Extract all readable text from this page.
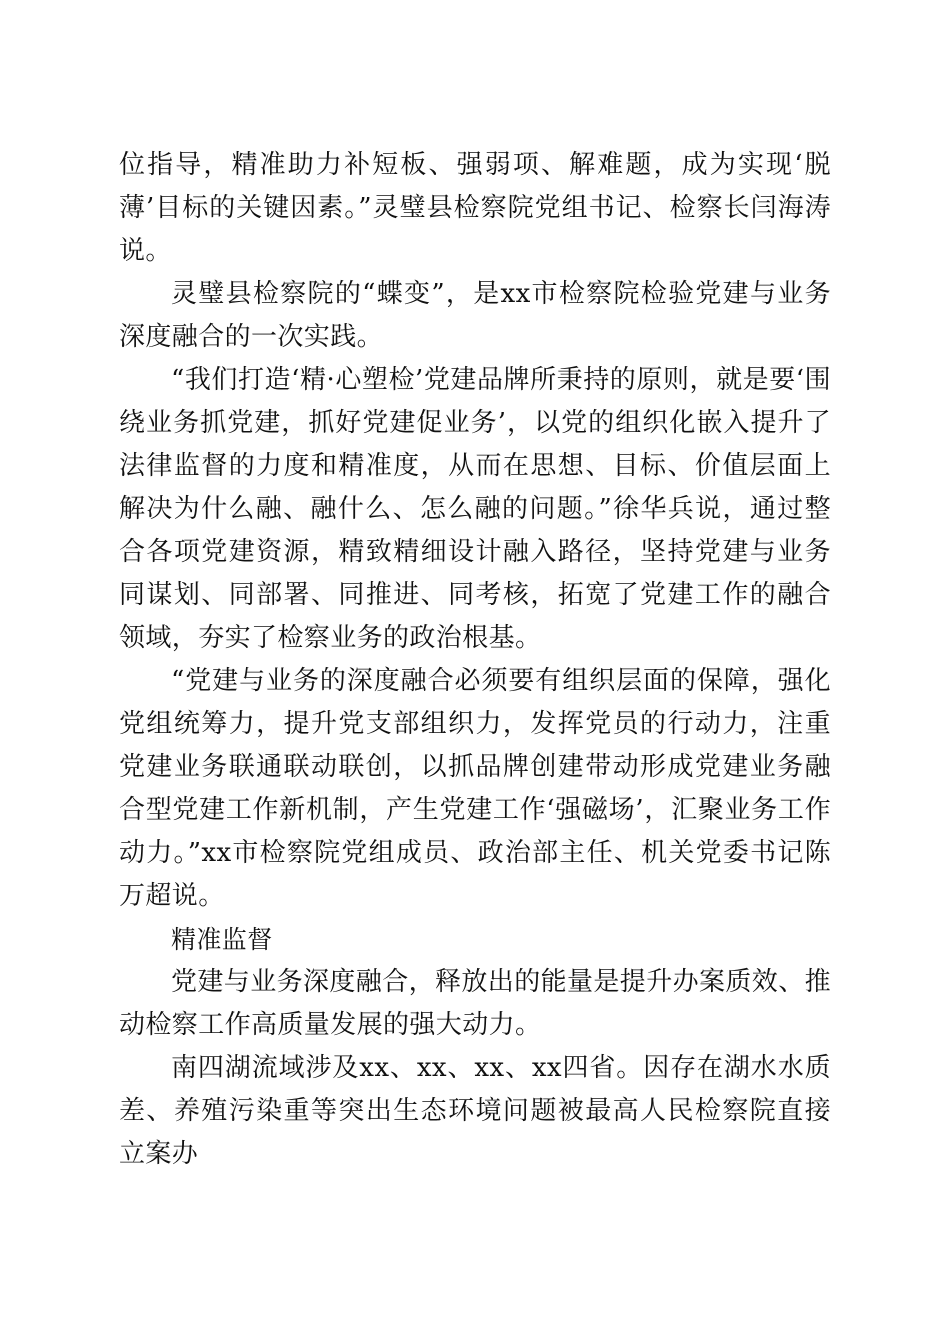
位指导，精准助力补短板、强弱项、解难题，成为实现‘脱薄’目标的关键因素。”灵璧县检察院党组书记、检察长闫海涛说。

灵璧县检察院的“蝶变”，是xx市检察院检验党建与业务深度融合的一次实践。

“我们打造‘精·心塑检’党建品牌所秉持的原则，就是要‘围绕业务抓党建，抓好党建促业务’，以党的组织化嵌入提升了法律监督的力度和精准度，从而在思想、目标、价值层面上解决为什么融、融什么、怎么融的问题。”徐华兵说，通过整合各项党建资源，精致精细设计融入路径，坚持党建与业务同谋划、同部署、同推进、同考核，拓宽了党建工作的融合领域，夯实了检察业务的政治根基。

“党建与业务的深度融合必须要有组织层面的保障，强化党组统筹力，提升党支部组织力，发挥党员的行动力，注重党建业务联通联动联创，以抓品牌创建带动形成党建业务融合型党建工作新机制，产生党建工作‘强磁场’，汇聚业务工作动力。”xx市检察院党组成员、政治部主任、机关党委书记陈万超说。

精准监督

党建与业务深度融合，释放出的能量是提升办案质效、推动检察工作高质量发展的强大动力。

南四湖流域涉及xx、xx、xx、xx四省。因存在湖水水质差、养殖污染重等突出生态环境问题被最高人民检察院直接立案办
